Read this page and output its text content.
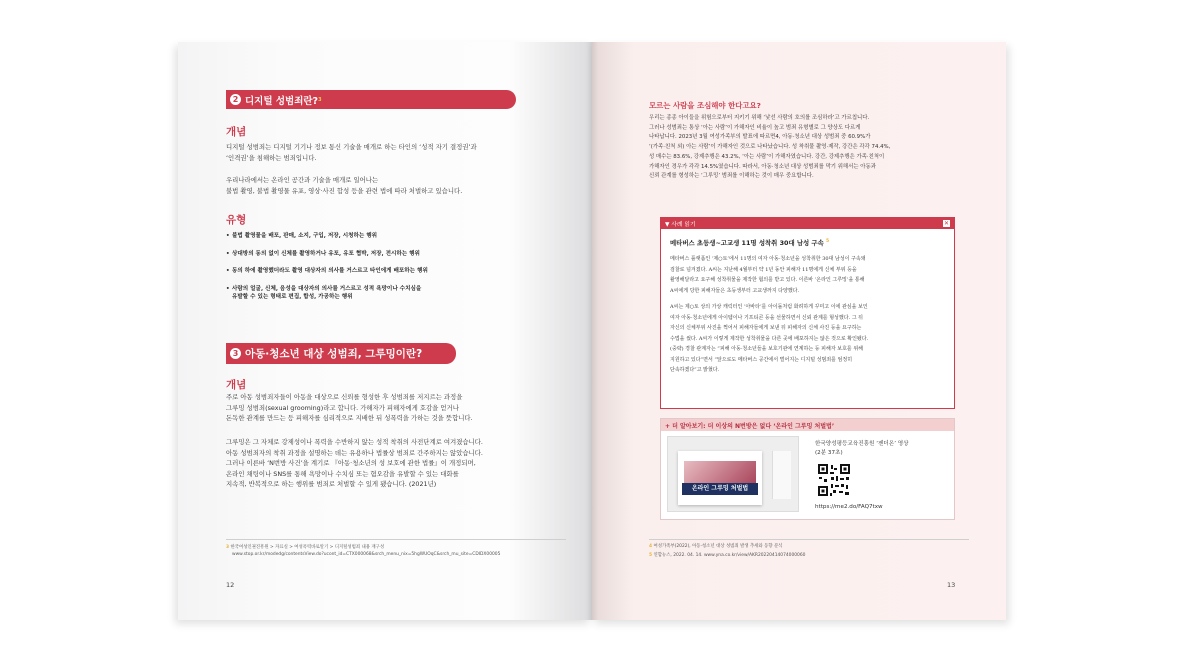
2 디지털 성범죄란? 3
개념
디지털 성범죄는 디지털 기기나 정보 통신 기술을 매개로 하는 타인의 ‘성적 자기 결정권’과
‘인격권’을 침해하는 범죄입니다.
우리나라에서는 온라인 공간과 기술을 매개로 일어나는
불법 촬영, 불법 촬영물 유포, 영상·사진 합성 등을 관련 법에 따라 처벌하고 있습니다.
유형
• 불법 촬영물을 배포, 판매, 소지, 구입, 저장, 시청하는 행위
• 상대방의 동의 없이 신체를 촬영하거나 유포, 유포 협박, 저장, 전시하는 행위
• 동의 하에 촬영했더라도 촬영 대상자의 의사를 거스르고 타인에게 배포하는 행위
• 사람의 얼굴, 신체, 음성을 대상자의 의사를 거스르고 성적 욕망이나 수치심을
유발할 수 있는 형태로 편집, 합성, 가공하는 행위
3 아동·청소년 대상 성범죄, 그루밍이란?
개념
주로 아동 성범죄자들이 아동을 대상으로 신뢰를 형성한 후 성범죄를 저지르는 과정을
그루밍 성범죄(sexual grooming)라고 합니다. 가해자가 피해자에게 호감을 얻거나
돈독한 관계를 만드는 등 피해자를 심리적으로 지배한 뒤 성폭력을 가하는 것을 뜻합니다.
그루밍은 그 자체로 강제성이나 폭력을 수반하지 않는 성적 착취의 사전단계로 여겨졌습니다.
아동 성범죄자의 착취 과정을 설명하는 데는 유용하나 법률상 범죄로 간주하지는 않았습니다.
그러나 이른바 ‘N번방 사건’을 계기로 『아동·청소년의 성 보호에 관한 법률』이 개정되며,
온라인 채팅이나 SNS를 통해 욕망이나 수치심 또는 혐오감을 유발할 수 있는 대화를
지속적, 반복적으로 하는 행위를 범죄로 처벌할 수 있게 됐습니다. (2021년)
3 한국여성인권진흥원 > 자료실 > 여성폭력바로알기 > 디지털성범죄 내용 재구성
www.stop.or.kr/modedg/contentsView.do?ucont_id=CTX000068&srch_menu_nix=5hgWUOqC&srch_mu_site=CDIDX00005
12
모르는 사람을 조심해야 한다고요?
우리는 종종 아이들을 위험으로부터 지키기 위해 ‘낯선 사람의 호의를 조심하라’고 가르칩니다.
그러나 성범죄는 통상 ‘아는 사람’이 가해자인 비율이 높고 범죄 유형별로 그 양상도 다르게
나타납니다. 2023년 3월 여성가족부의 발표에 따르면4, 아동·청소년 대상 성범죄 중 60.9%가
‘(가족·친척 외) 아는 사람’이 가해자인 것으로 나타났습니다. 성 착취물 촬영·제작, 강간은 각각 74.4%,
성 매수는 83.6%, 강제추행은 43.2%, ‘아는 사람’이 가해자였습니다. 강간, 강제추행은 가족·친척이
가해자인 경우가 각각 14.5%였습니다. 따라서, 아동·청소년 대상 성범죄를 막기 위해서는 아동과
신뢰 관계를 형성하는 ‘그루밍’ 범죄를 이해하는 것이 매우 중요합니다.
▼ 사례 읽기	✕
메타버스 초등생~고교생 11명 성착취 30대 남성 구속 $^5$
메타버스 플랫폼인 ‘제○토’에서 11명의 여자 아동·청소년을 성착취한 30대 남성이 구속돼
검찰로 넘겨졌다. A씨는 지난해 4월부터 약 1년 동안 피해자 11명에게 신체 부위 등을
촬영해달라고 요구해 성착취물을 제작한 혐의를 받고 있다. 이른바 ‘온라인 그루밍’을 통해
A씨에게 당한 피해자들은 초등생부터 고교생까지 다양했다.
A씨는 제○토 상의 가상 캐릭터인 ‘아바타’를 아이돌처럼 화려하게 꾸미고 이에 관심을 보인
여자 아동·청소년에게 아이템이나 기프티콘 등을 선물하면서 신뢰 관계를 형성했다. 그 뒤
자신의 신체부위 사진을 찍어서 피해자들에게 보낸 뒤 피해자의 신체 사진 등을 요구하는
수법을 썼다. A씨가 이렇게 제작한 성착취물을 다른 곳에 배포하지는 않은 것으로 확인됐다.
(중략) 경찰 관계자는 “피해 아동·청소년들을 보호기관에 연계하는 등 피해자 보호를 위해
지원하고 있다”면서 “앞으로도 메타버스 공간에서 벌어지는 디지털 성범죄를 엄정히
단속하겠다”고 밝혔다.
+ 더 알아보기: 더 이상의 N번방은 없다 ‘온라인 그루밍 처벌법’
온라인 그루밍 처벌법
한국양성평등교육진흥원 ‘젠더온’ 영상
(2분 37초)
https://me2.do/FAQ7txw
4 여성가족부(2022), 아동·청소년 대상 성범죄 발생 추세와 동향 분석
5 연합뉴스, 2022. 04. 14. www.yna.co.kr/view/AKR20220414074000060
13
